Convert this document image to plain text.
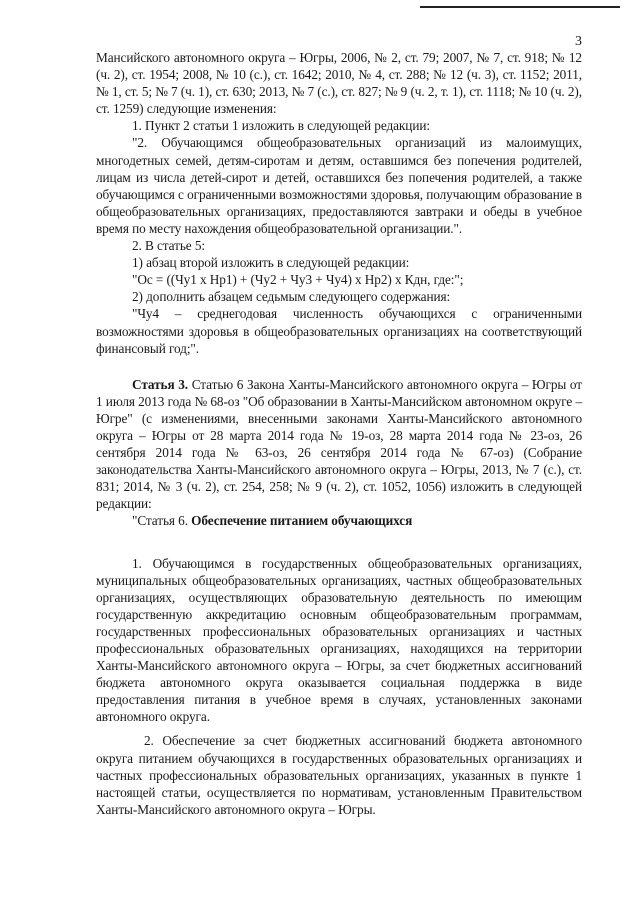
3

Мансийского автономного округа – Югры, 2006, № 2, ст. 79; 2007, № 7, ст. 918; № 12 (ч. 2), ст. 1954; 2008, № 10 (с.), ст. 1642; 2010, № 4, ст. 288; № 12 (ч. 3), ст. 1152; 2011, № 1, ст. 5; № 7 (ч. 1), ст. 630; 2013, № 7 (с.), ст. 827; № 9 (ч. 2, т. 1), ст. 1118; № 10 (ч. 2), ст. 1259) следующие изменения:

1. Пункт 2 статьи 1 изложить в следующей редакции:

"2. Обучающимся общеобразовательных организаций из малоимущих, многодетных семей, детям-сиротам и детям, оставшимся без попечения родителей, лицам из числа детей-сирот и детей, оставшихся без попечения родителей, а также обучающимся с ограниченными возможностями здоровья, получающим образование в общеобразовательных организациях, предоставляются завтраки и обеды в учебное время по месту нахождения общеобразовательной организации.".

2. В статье 5:

1) абзац второй изложить в следующей редакции:

"Ос = ((Чу1 х Нр1) + (Чу2 + Чу3 + Чу4) х Нр2) х Кдн, где:";

2) дополнить абзацем седьмым следующего содержания:

"Чу4 – среднегодовая численность обучающихся с ограниченными возможностями здоровья в общеобразовательных организациях на соответствующий финансовый год;".

Статья 3. Статью 6 Закона Ханты-Мансийского автономного округа – Югры от 1 июля 2013 года № 68-оз "Об образовании в Ханты-Мансийском автономном округе – Югре" (с изменениями, внесенными законами Ханты-Мансийского автономного округа – Югры от 28 марта 2014 года № 19-оз, 28 марта 2014 года № 23-оз, 26 сентября 2014 года № 63-оз, 26 сентября 2014 года № 67-оз) (Собрание законодательства Ханты-Мансийского автономного округа – Югры, 2013, № 7 (с.), ст. 831; 2014, № 3 (ч. 2), ст. 254, 258; № 9 (ч. 2), ст. 1052, 1056) изложить в следующей редакции:

"Статья 6. Обеспечение питанием обучающихся

1. Обучающимся в государственных общеобразовательных организациях, муниципальных общеобразовательных организациях, частных общеобразовательных организациях, осуществляющих образовательную деятельность по имеющим государственную аккредитацию основным общеобразовательным программам, государственных профессиональных образовательных организациях и частных профессиональных образовательных организациях, находящихся на территории Ханты-Мансийского автономного округа – Югры, за счет бюджетных ассигнований бюджета автономного округа оказывается социальная поддержка в виде предоставления питания в учебное время в случаях, установленных законами автономного округа.

2. Обеспечение за счет бюджетных ассигнований бюджета автономного округа питанием обучающихся в государственных образовательных организациях и частных профессиональных образовательных организациях, указанных в пункте 1 настоящей статьи, осуществляется по нормативам, установленным Правительством Ханты-Мансийского автономного округа – Югры.
